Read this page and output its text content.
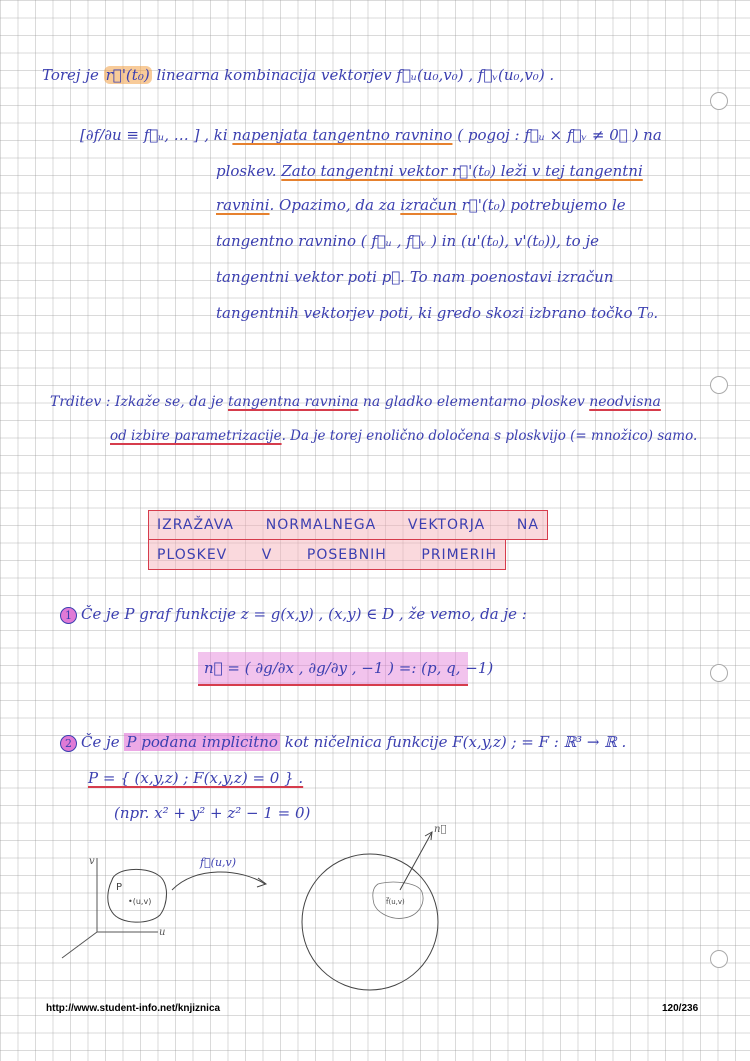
Torej je r⃗'(t₀) linearna kombinacija vektorjev f⃗ᵤ(u₀,v₀) , f⃗ᵥ(u₀,v₀) .
[∂f/∂u ≡ f⃗ᵤ, … ] , ki napenjata tangentno ravnino ( pogoj : f⃗ᵤ × f⃗ᵥ ≠ 0⃗ ) na
ploskev. Zato tangentni vektor r⃗'(t₀) leži v tej tangentni
ravnini. Opazimo, da za izračun r⃗'(t₀) potrebujemo le
tangentno ravnino ( f⃗ᵤ , f⃗ᵥ ) in (u'(t₀), v'(t₀)), to je
tangentni vektor poti p⃗. To nam poenostavi izračun
tangentnih vektorjev poti, ki gredo skozi izbrano točko T₀.
Trditev : Izkaže se, da je tangentna ravnina na gladko elementarno ploskev neodvisna
od izbire parametrizacije. Da je torej enolično določena s ploskvijo (= množico) samo.
IZRAŽAVA NORMALNEGA VEKTORJA NA
PLOSKEV V POSEBNIH PRIMERIH
1 Če je P graf funkcije z = g(x,y) , (x,y) ∈ D , že vemo, da je :
n⃗ = ( ∂g/∂x , ∂g/∂y , −1 ) =: (p, q, −1)
2 Če je P podana implicitno kot ničelnica funkcije F(x,y,z) ; = F : ℝ³ → ℝ .
P = { (x,y,z) ; F(x,y,z) = 0 } .
(npr. x² + y² + z² − 1 = 0)
v
u
P
•(u,v)
f⃗(u,v)
n⃗
f⃗(u,v)
http://www.student-info.net/knjiznica	120/236
